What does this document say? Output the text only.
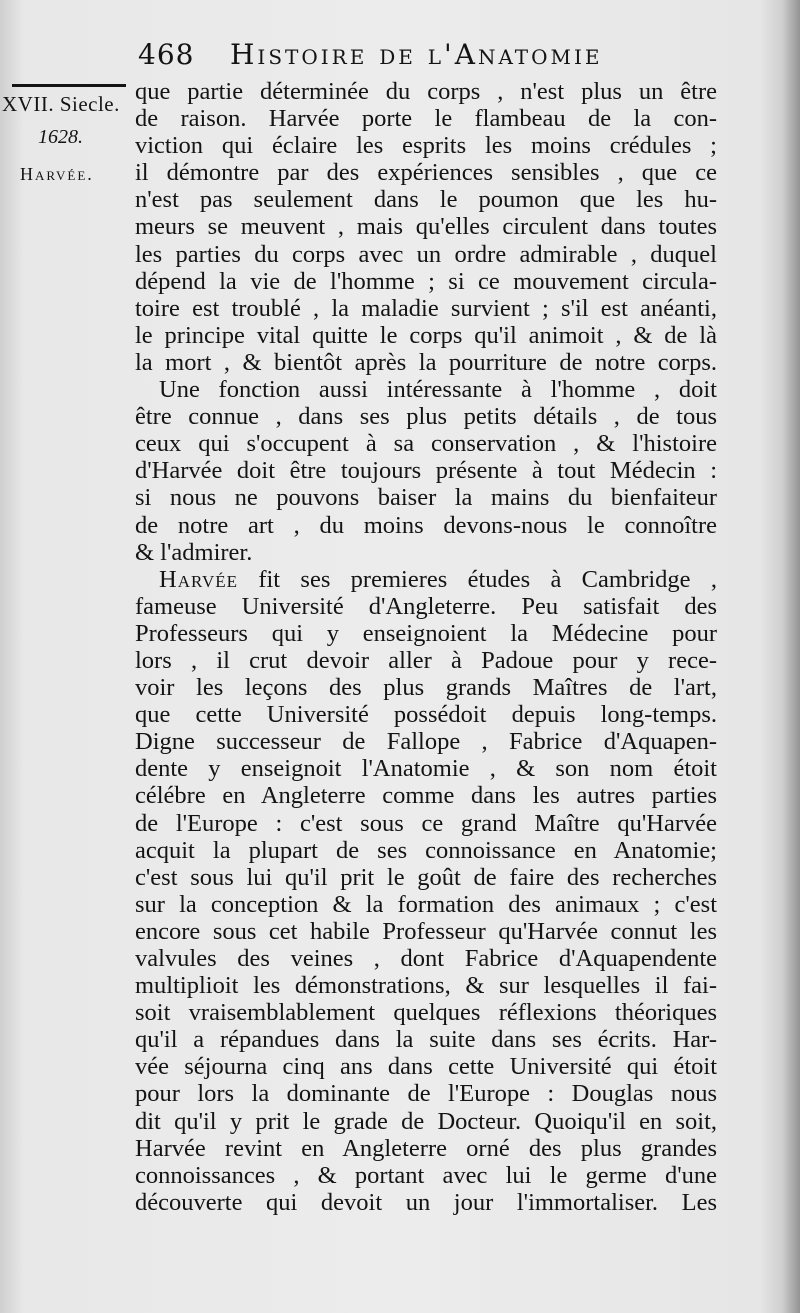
468 Histoire de l'Anatomie
XVII. Siecle.
1628.
Harvée.
que partie déterminée du corps , n'est plus un être
de raison. Harvée porte le flambeau de la con-
viction qui éclaire les esprits les moins crédules ;
il démontre par des expériences sensibles , que ce
n'est pas seulement dans le poumon que les hu-
meurs se meuvent , mais qu'elles circulent dans toutes
les parties du corps avec un ordre admirable , duquel
dépend la vie de l'homme ; si ce mouvement circula-
toire est troublé , la maladie survient ; s'il est anéanti,
le principe vital quitte le corps qu'il animoit , & de là
la mort , & bientôt après la pourriture de notre corps.
Une fonction aussi intéressante à l'homme , doit
être connue , dans ses plus petits détails , de tous
ceux qui s'occupent à sa conservation , & l'histoire
d'Harvée doit être toujours présente à tout Médecin :
si nous ne pouvons baiser la mains du bienfaiteur
de notre art , du moins devons-nous le connoître
& l'admirer.
Harvée fit ses premieres études à Cambridge ,
fameuse Université d'Angleterre. Peu satisfait des
Professeurs qui y enseignoient la Médecine pour
lors , il crut devoir aller à Padoue pour y rece-
voir les leçons des plus grands Maîtres de l'art,
que cette Université possédoit depuis long-temps.
Digne successeur de Fallope , Fabrice d'Aquapen-
dente y enseignoit l'Anatomie , & son nom étoit
célébre en Angleterre comme dans les autres parties
de l'Europe : c'est sous ce grand Maître qu'Harvée
acquit la plupart de ses connoissance en Anatomie;
c'est sous lui qu'il prit le goût de faire des recherches
sur la conception & la formation des animaux ; c'est
encore sous cet habile Professeur qu'Harvée connut les
valvules des veines , dont Fabrice d'Aquapendente
multiplioit les démonstrations, & sur lesquelles il fai-
soit vraisemblablement quelques réflexions théoriques
qu'il a répandues dans la suite dans ses écrits. Har-
vée séjourna cinq ans dans cette Université qui étoit
pour lors la dominante de l'Europe : Douglas nous
dit qu'il y prit le grade de Docteur. Quoiqu'il en soit,
Harvée revint en Angleterre orné des plus grandes
connoissances , & portant avec lui le germe d'une
découverte qui devoit un jour l'immortaliser. Les
